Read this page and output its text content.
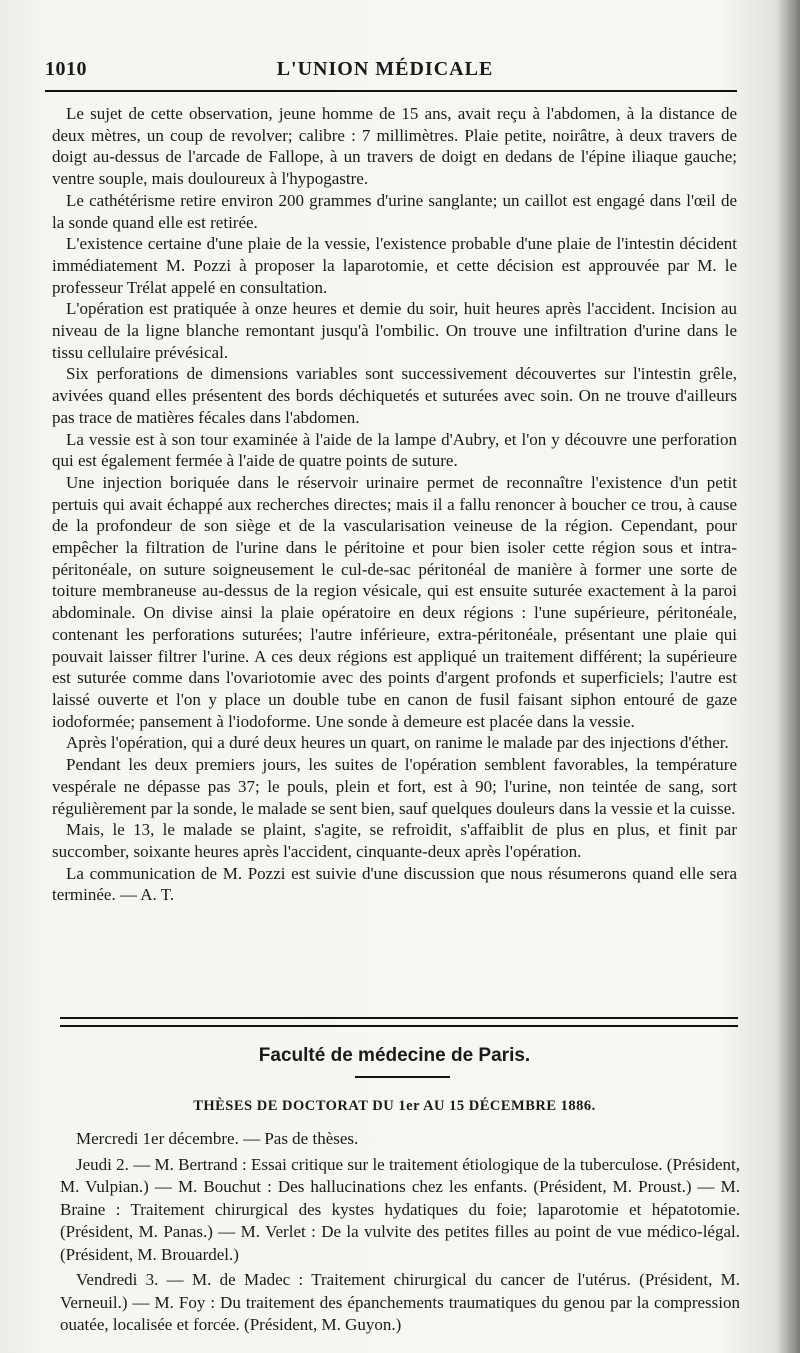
1010	L'UNION MÉDICALE

Le sujet de cette observation, jeune homme de 15 ans, avait reçu à l'abdomen, à la distance de deux mètres, un coup de revolver; calibre : 7 millimètres. Plaie petite, noirâtre, à deux travers de doigt au-dessus de l'arcade de Fallope, à un travers de doigt en dedans de l'épine iliaque gauche; ventre souple, mais douloureux à l'hypogastre.

Le cathétérisme retire environ 200 grammes d'urine sanglante; un caillot est engagé dans l'œil de la sonde quand elle est retirée.

L'existence certaine d'une plaie de la vessie, l'existence probable d'une plaie de l'intestin décident immédiatement M. Pozzi à proposer la laparotomie, et cette décision est approuvée par M. le professeur Trélat appelé en consultation.

L'opération est pratiquée à onze heures et demie du soir, huit heures après l'accident. Incision au niveau de la ligne blanche remontant jusqu'à l'ombilic. On trouve une infiltration d'urine dans le tissu cellulaire prévésical.

Six perforations de dimensions variables sont successivement découvertes sur l'intestin grêle, avivées quand elles présentent des bords déchiquetés et suturées avec soin. On ne trouve d'ailleurs pas trace de matières fécales dans l'abdomen.

La vessie est à son tour examinée à l'aide de la lampe d'Aubry, et l'on y découvre une perforation qui est également fermée à l'aide de quatre points de suture.

Une injection boriquée dans le réservoir urinaire permet de reconnaître l'existence d'un petit pertuis qui avait échappé aux recherches directes; mais il a fallu renoncer à boucher ce trou, à cause de la profondeur de son siège et de la vascularisation veineuse de la région. Cependant, pour empêcher la filtration de l'urine dans le péritoine et pour bien isoler cette région sous et intra-péritonéale, on suture soigneusement le cul-de-sac péritonéal de manière à former une sorte de toiture membraneuse au-dessus de la region vésicale, qui est ensuite suturée exactement à la paroi abdominale. On divise ainsi la plaie opératoire en deux régions : l'une supérieure, péritonéale, contenant les perforations suturées; l'autre inférieure, extra-péritonéale, présentant une plaie qui pouvait laisser filtrer l'urine. A ces deux régions est appliqué un traitement différent; la supérieure est suturée comme dans l'ovariotomie avec des points d'argent profonds et superficiels; l'autre est laissé ouverte et l'on y place un double tube en canon de fusil faisant siphon entouré de gaze iodoformée; pansement à l'iodoforme. Une sonde à demeure est placée dans la vessie.

Après l'opération, qui a duré deux heures un quart, on ranime le malade par des injections d'éther.

Pendant les deux premiers jours, les suites de l'opération semblent favorables, la température vespérale ne dépasse pas 37; le pouls, plein et fort, est à 90; l'urine, non teintée de sang, sort régulièrement par la sonde, le malade se sent bien, sauf quelques douleurs dans la vessie et la cuisse.

Mais, le 13, le malade se plaint, s'agite, se refroidit, s'affaiblit de plus en plus, et finit par succomber, soixante heures après l'accident, cinquante-deux après l'opération.

La communication de M. Pozzi est suivie d'une discussion que nous résumerons quand elle sera terminée. — A. T.

Faculté de médecine de Paris.
THÈSES DE DOCTORAT DU 1er AU 15 DÉCEMBRE 1886.

Mercredi 1er décembre. — Pas de thèses.

Jeudi 2. — M. Bertrand : Essai critique sur le traitement étiologique de la tuberculose. (Président, M. Vulpian.) — M. Bouchut : Des hallucinations chez les enfants. (Président, M. Proust.) — M. Braine : Traitement chirurgical des kystes hydatiques du foie; laparotomie et hépatotomie. (Président, M. Panas.) — M. Verlet : De la vulvite des petites filles au point de vue médico-légal. (Président, M. Brouardel.)

Vendredi 3. — M. de Madec : Traitement chirurgical du cancer de l'utérus. (Président, M. Verneuil.) — M. Foy : Du traitement des épanchements traumatiques du genou par la compression ouatée, localisée et forcée. (Président, M. Guyon.)
